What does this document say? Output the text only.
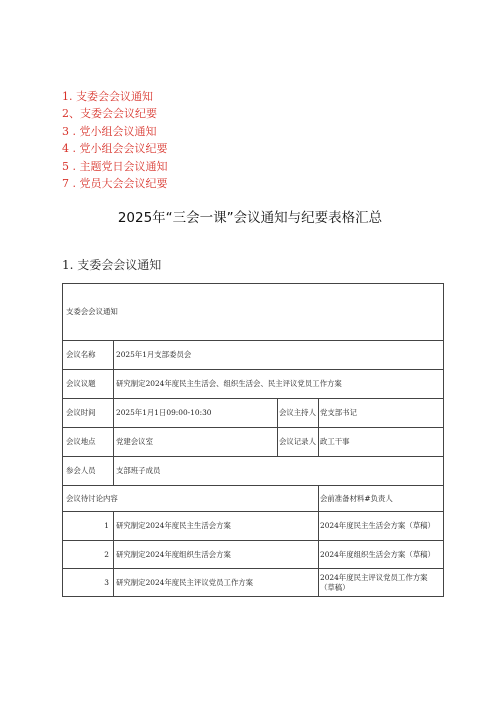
1. 支委会会议通知
2、支委会会议纪要
3 . 党小组会议通知
4 . 党小组会会议纪要
5 . 主题党日会议通知
7 . 党员大会会议纪要
2025年“三会一课”会议通知与纪要表格汇总
1. 支委会会议通知
支委会会议通知			
会议名称	2025年1月支部委员会		
会议议题	研究制定2024年度民主生活会、组织生活会、民主评议党员工作方案		
会议时间	2025年1月1日09:00-10:30	会议主持人	党支部书记
会议地点	党建会议室	会议记录人	政工干事
参会人员	支部班子成员		
会议待讨论内容			会前准备材料#负责人
1	研究制定2024年度民主生活会方案		2024年度民主生活会方案（草稿）
2	研究制定2024年度组织生活会方案		2024年度组织生活会方案（草稿）
3	研究制定2024年度民主评议党员工作方案		2024年度民主评议党员工作方案（草稿）
